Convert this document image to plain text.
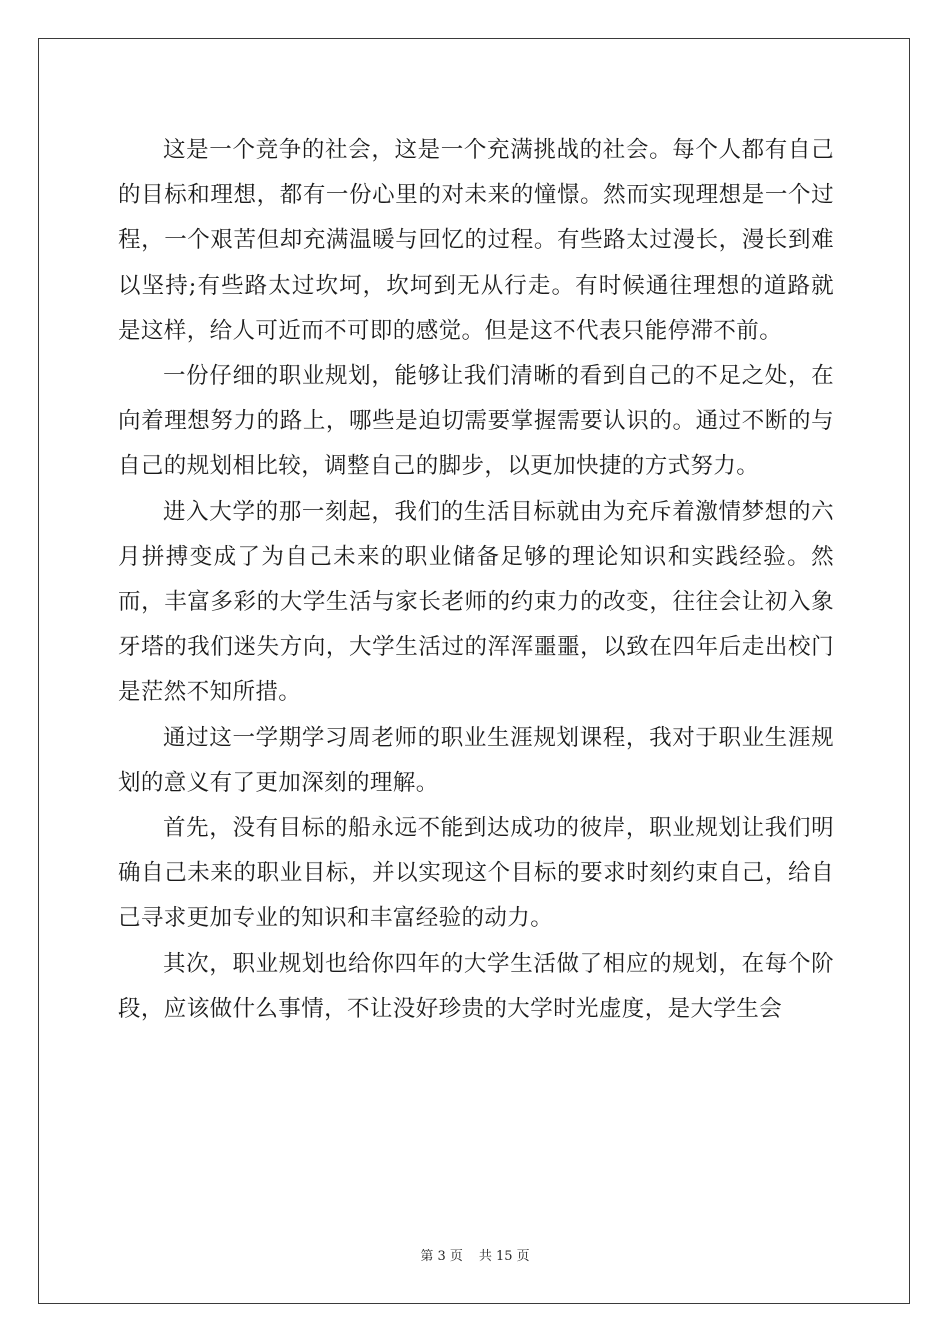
这是一个竞争的社会，这是一个充满挑战的社会。每个人都有自己的目标和理想，都有一份心里的对未来的憧憬。然而实现理想是一个过程，一个艰苦但却充满温暖与回忆的过程。有些路太过漫长，漫长到难以坚持;有些路太过坎坷，坎坷到无从行走。有时候通往理想的道路就是这样，给人可近而不可即的感觉。但是这不代表只能停滞不前。

一份仔细的职业规划，能够让我们清晰的看到自己的不足之处，在向着理想努力的路上，哪些是迫切需要掌握需要认识的。通过不断的与自己的规划相比较，调整自己的脚步，以更加快捷的方式努力。

进入大学的那一刻起，我们的生活目标就由为充斥着激情梦想的六月拼搏变成了为自己未来的职业储备足够的理论知识和实践经验。然而，丰富多彩的大学生活与家长老师的约束力的改变，往往会让初入象牙塔的我们迷失方向，大学生活过的浑浑噩噩，以致在四年后走出校门是茫然不知所措。

通过这一学期学习周老师的职业生涯规划课程，我对于职业生涯规划的意义有了更加深刻的理解。

首先，没有目标的船永远不能到达成功的彼岸，职业规划让我们明确自己未来的职业目标，并以实现这个目标的要求时刻约束自己，给自己寻求更加专业的知识和丰富经验的动力。

其次，职业规划也给你四年的大学生活做了相应的规划，在每个阶段，应该做什么事情，不让没好珍贵的大学时光虚度，是大学生会

第 3 页 共 15 页
